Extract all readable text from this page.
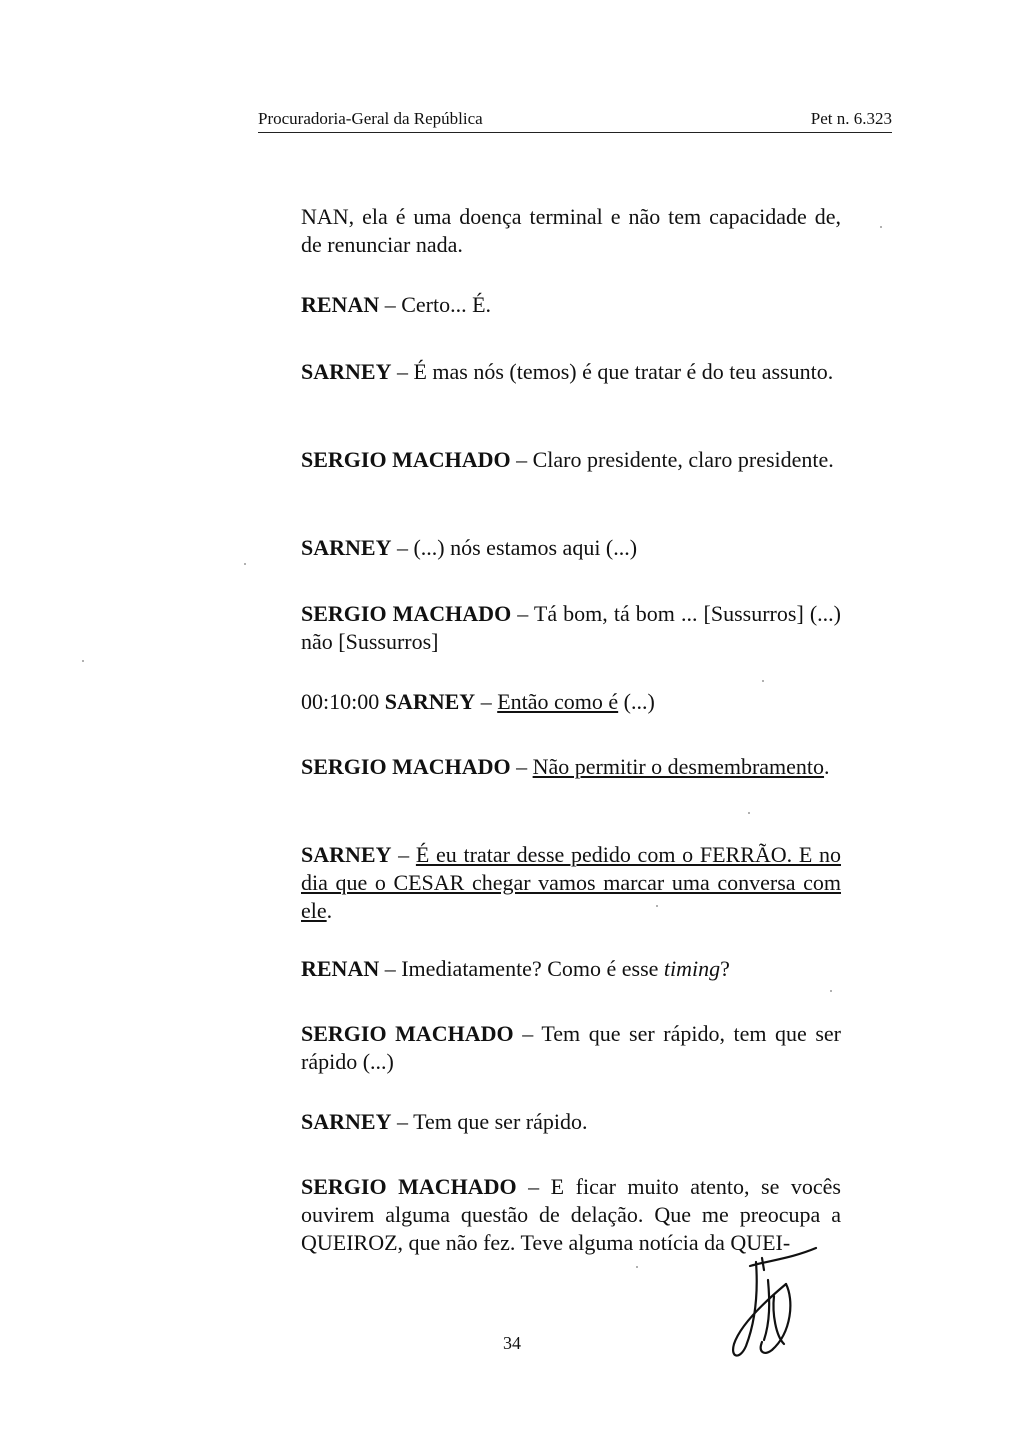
Procuradoria-Geral da República	Pet n. 6.323

NAN, ela é uma doença terminal e não tem capacidade de, de renunciar nada.

RENAN – Certo... É.

SARNEY – É mas nós (temos) é que tratar é do teu assunto.

SERGIO MACHADO – Claro presidente, claro presidente.

SARNEY – (...) nós estamos aqui (...)

SERGIO MACHADO – Tá bom, tá bom ... [Sussurros] (...) não [Sussurros]

00:10:00 SARNEY – Então como é (...)

SERGIO MACHADO – Não permitir o desmembramento.

SARNEY – É eu tratar desse pedido com o FERRÃO. E no dia que o CESAR chegar vamos marcar uma conversa com ele.

RENAN – Imediatamente? Como é esse timing?

SERGIO MACHADO – Tem que ser rápido, tem que ser rápido (...)

SARNEY – Tem que ser rápido.

SERGIO MACHADO – E ficar muito atento, se vocês ouvirem alguma questão de delação. Que me preocupa a QUEIROZ, que não fez. Teve alguma notícia da QUEI-

34
